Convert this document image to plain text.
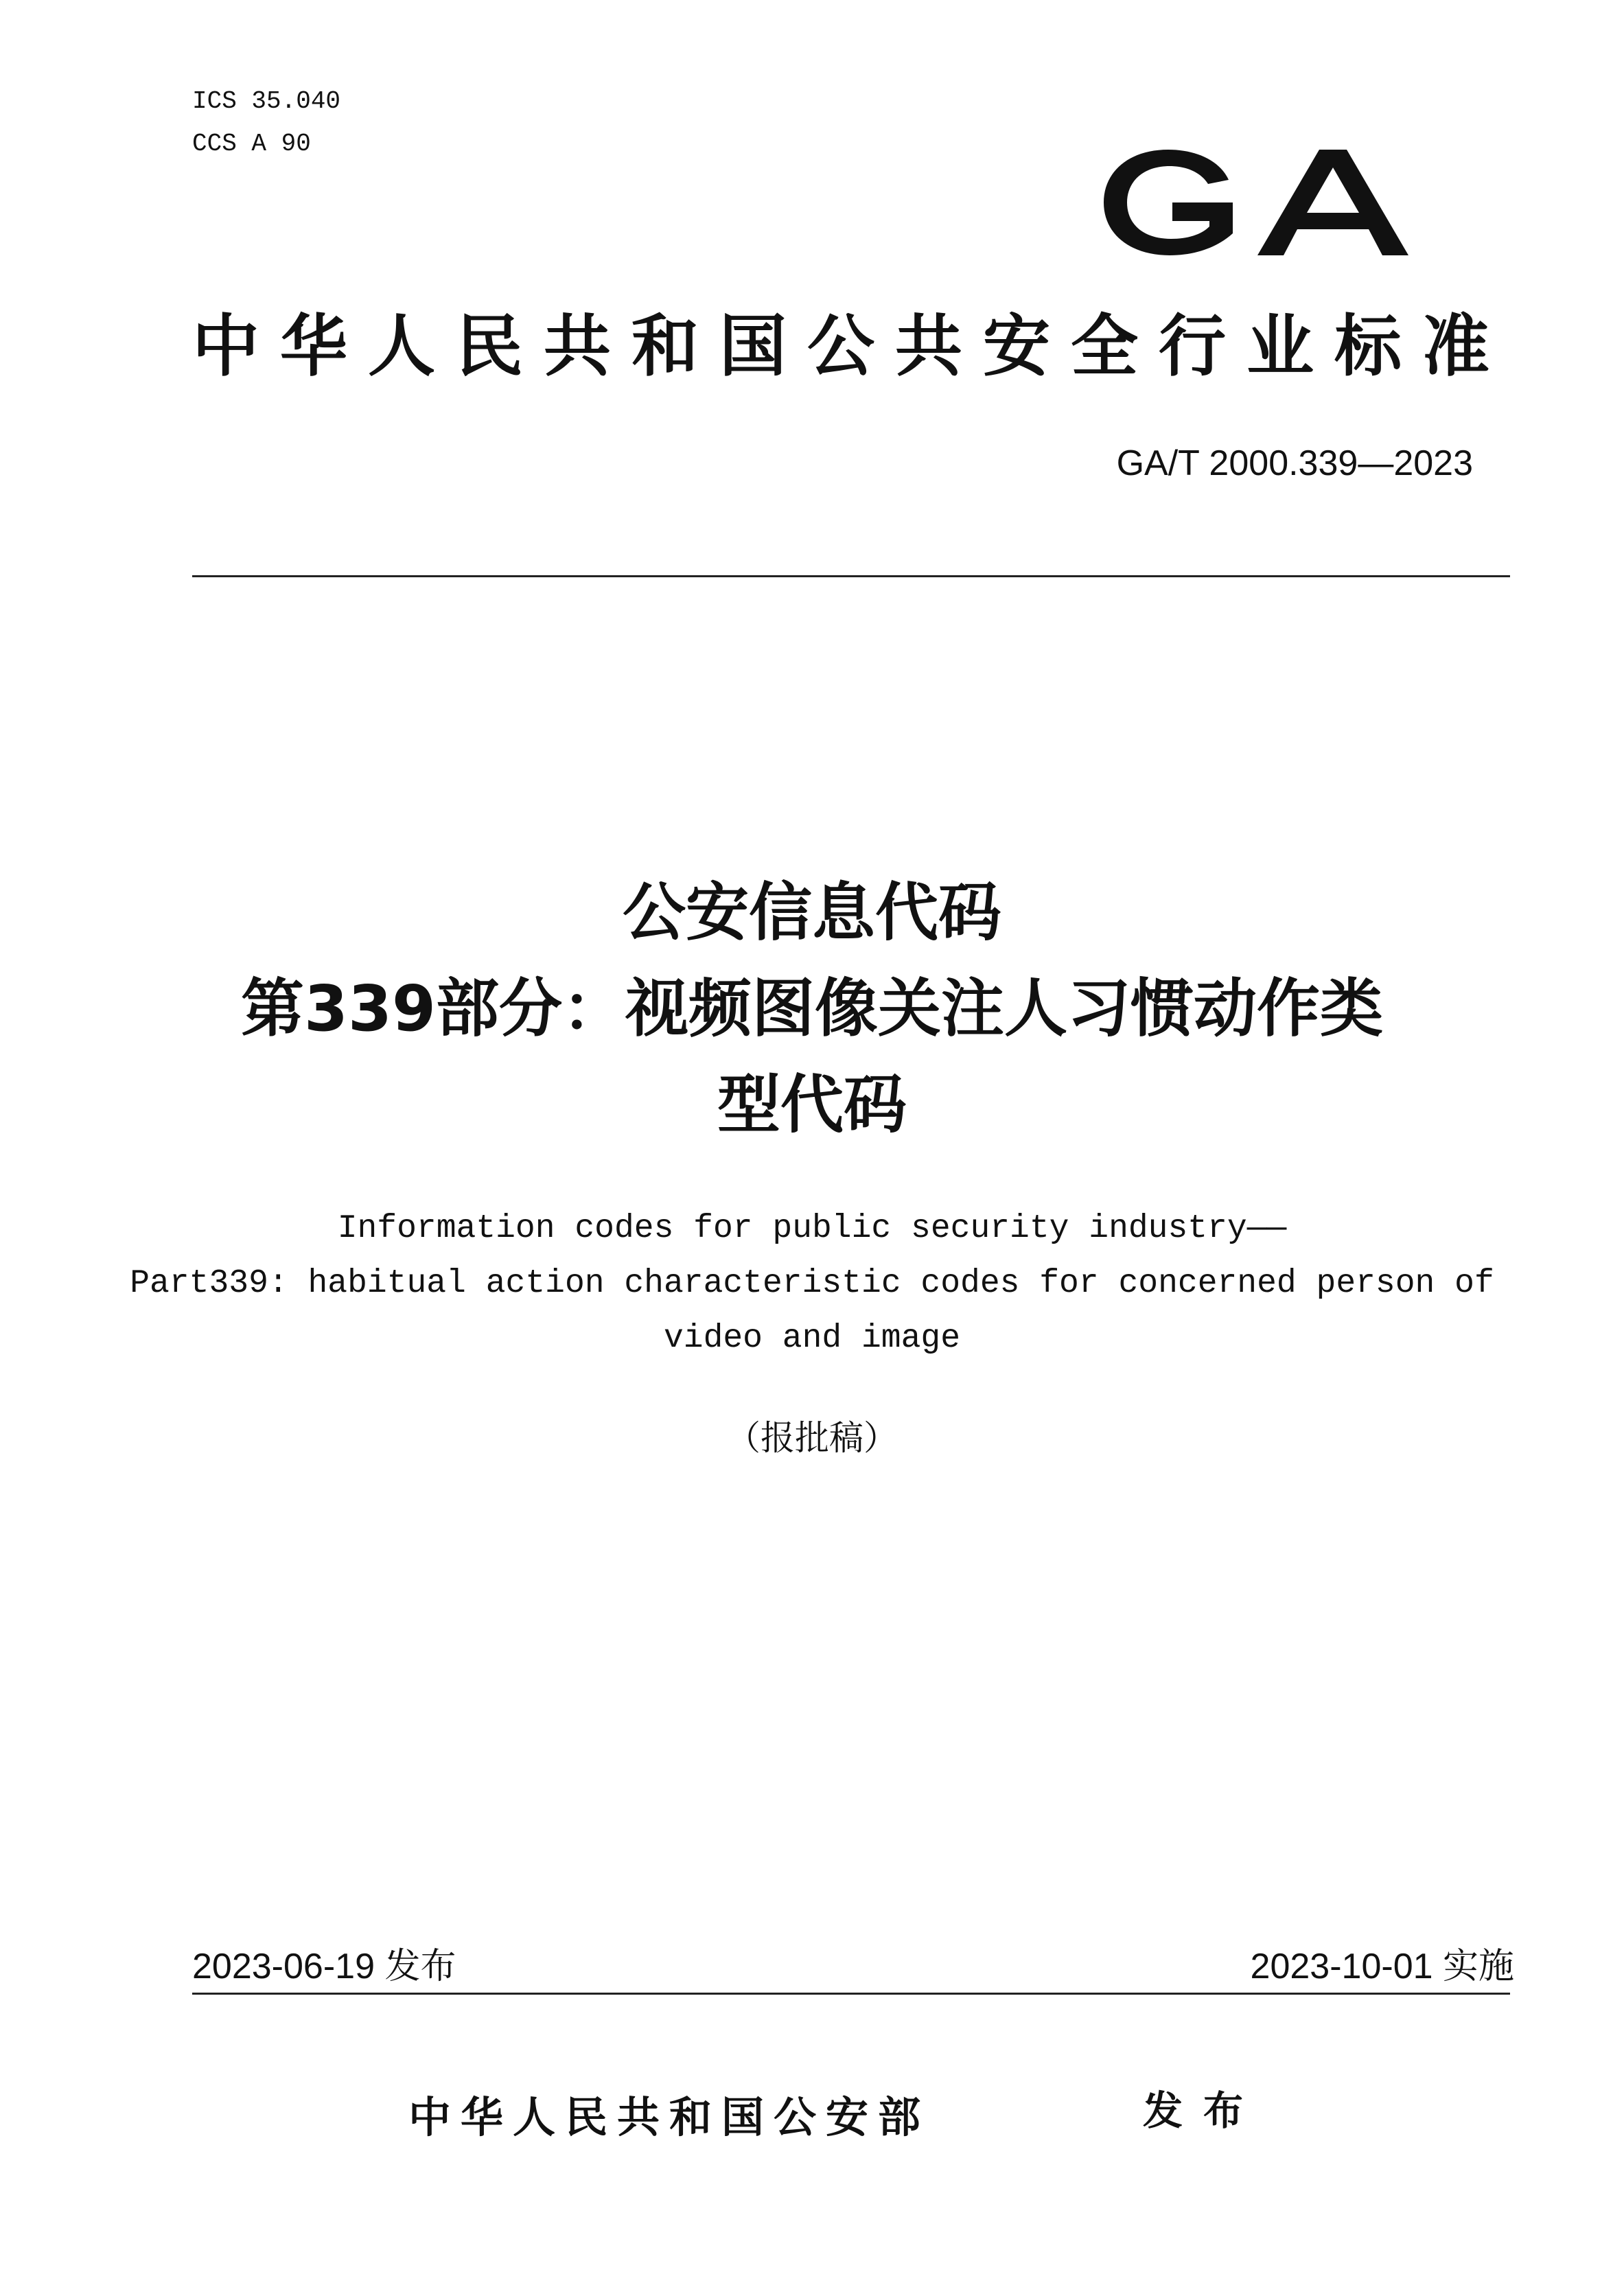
ICS 35.040
CCS A 90
中华人民共和国公共安全行业标准
GA/T 2000.339—2023
公安信息代码
第339部分：视频图像关注人习惯动作类
型代码
Information codes for public security industry——
Part339: habitual action characteristic codes for concerned person of
video and image
（报批稿）
2023-06-19 发布	2023-10-01 实施
中华人民共和国公安部	发布
